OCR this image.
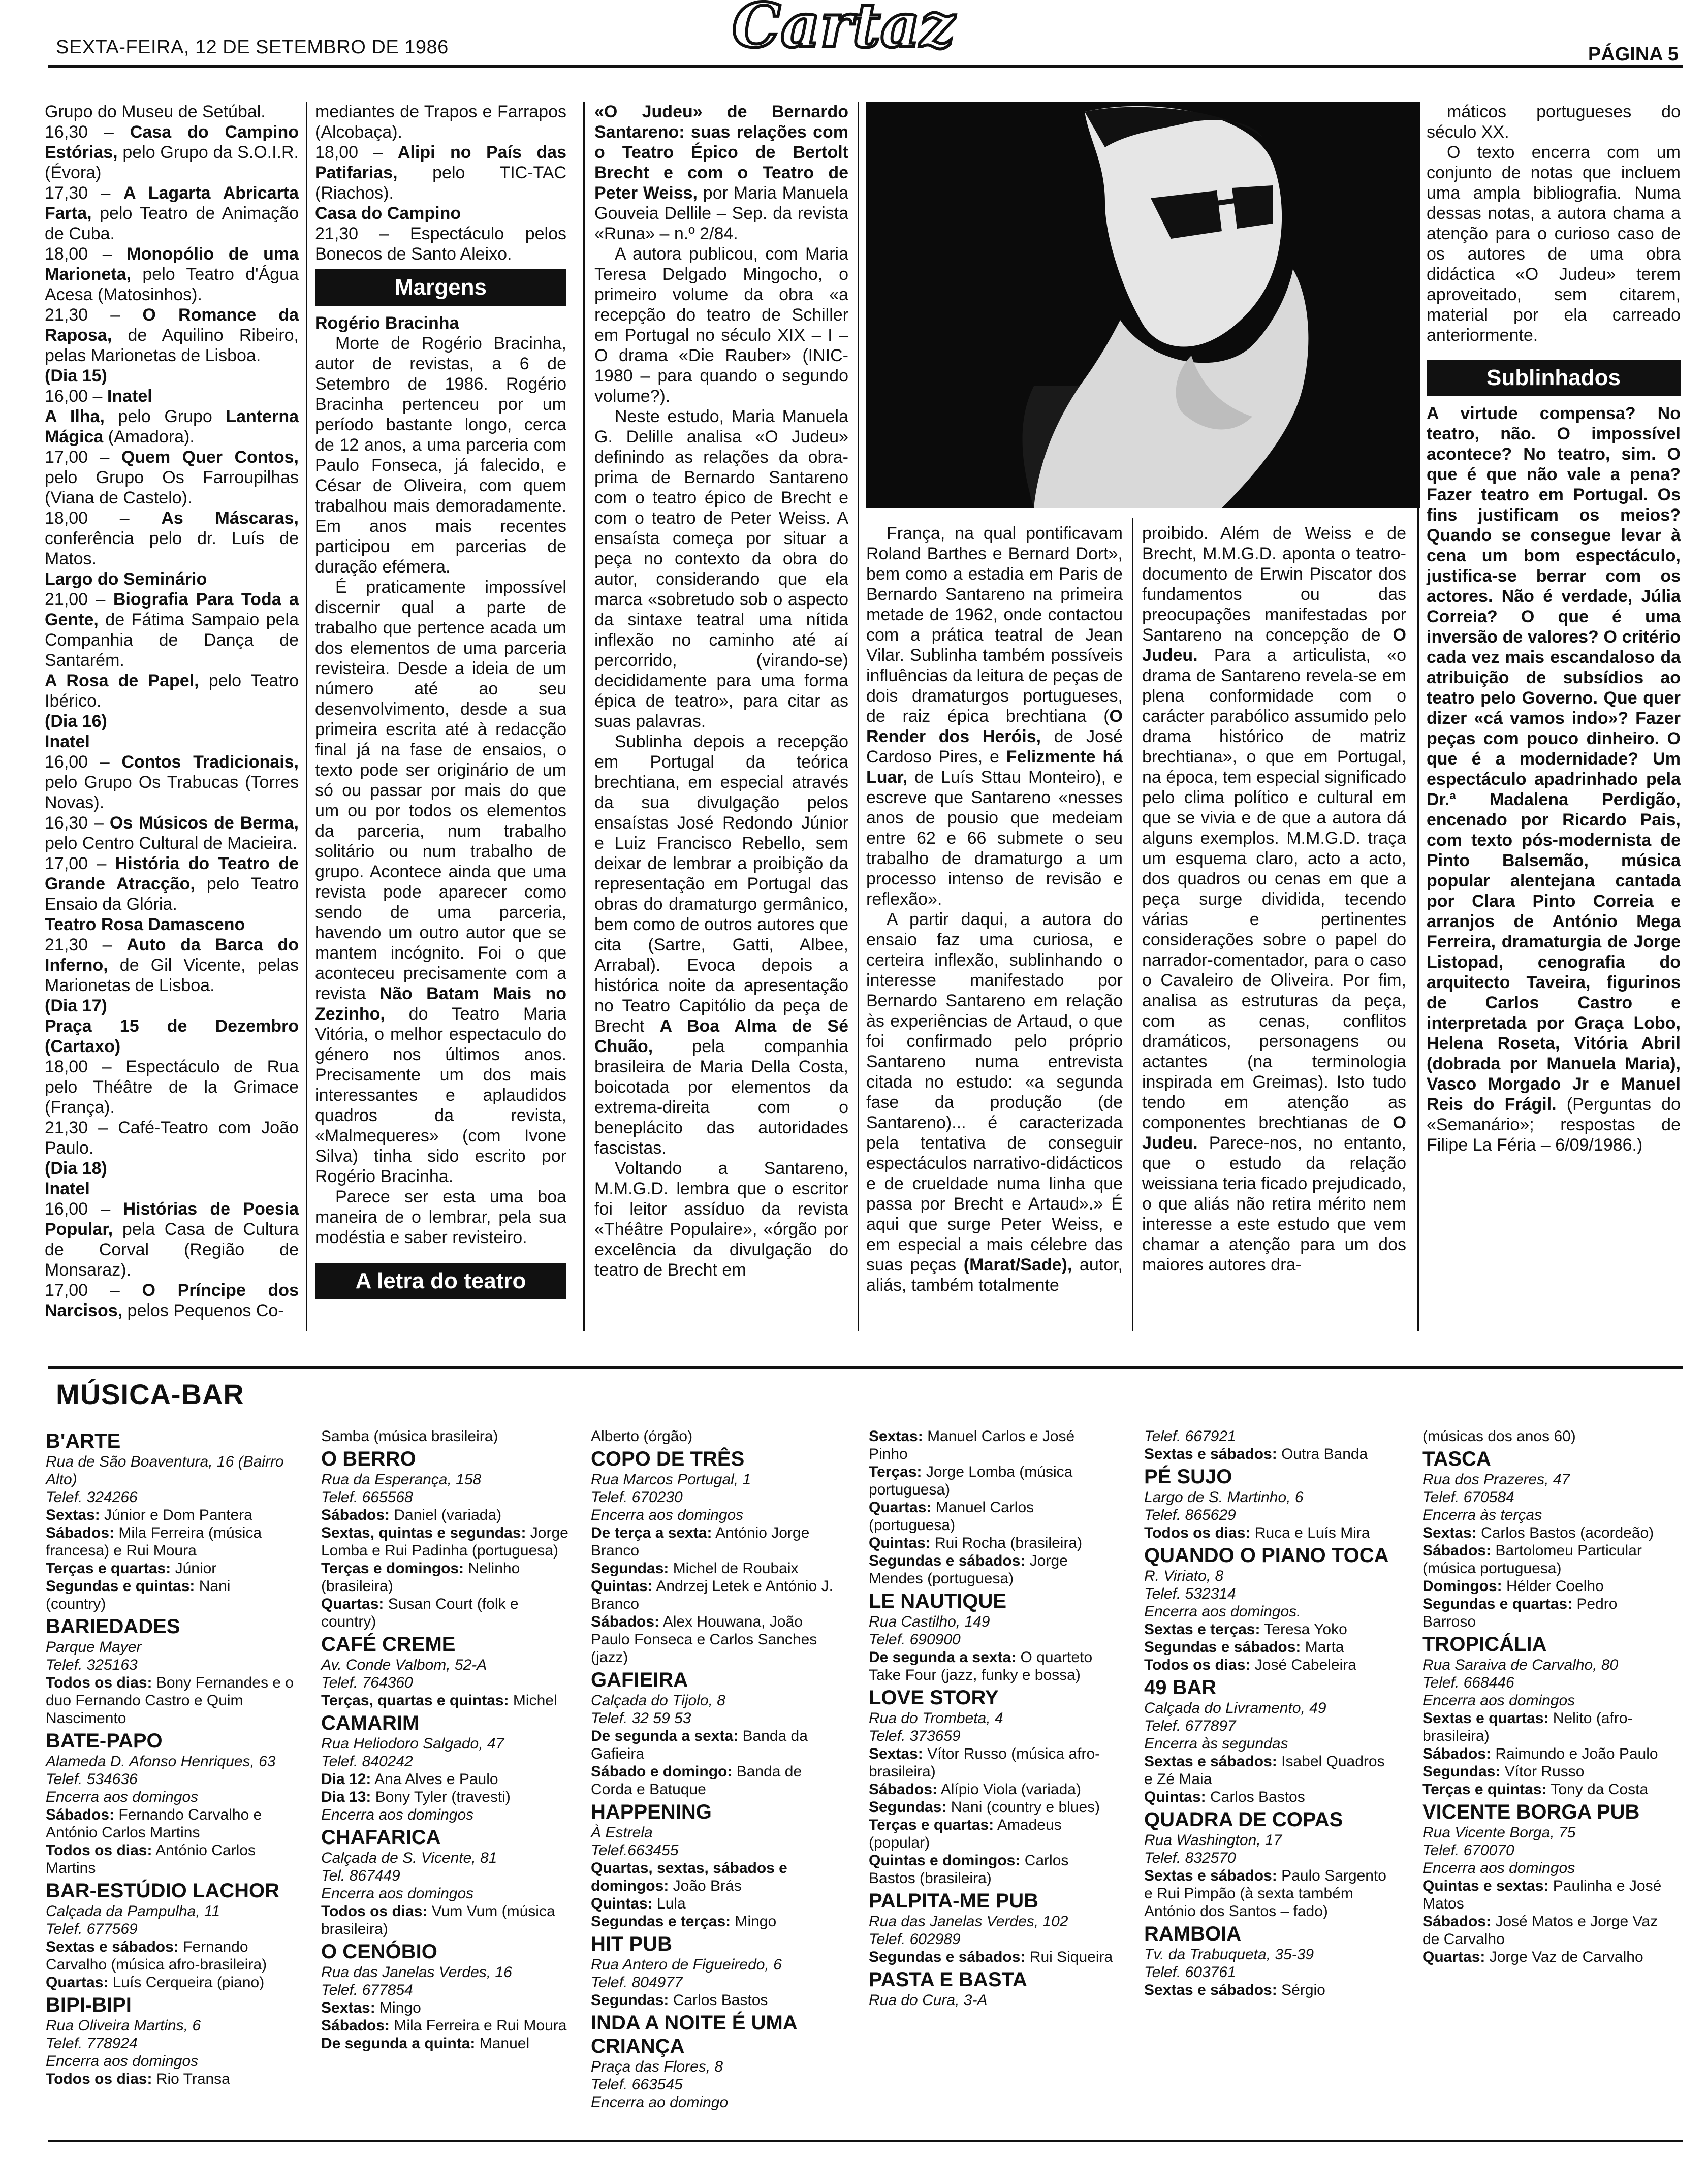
SEXTA-FEIRA, 12 DE SETEMBRO DE 1986	Cartaz	PÁGINA 5

Grupo do Museu de Setúbal.

16,30 – Casa do Campino Estórias, pelo Grupo da S.O.I.R. (Évora)

17,30 – A Lagarta Abricarta Farta, pelo Teatro de Animação de Cuba.

18,00 – Monopólio de uma Marioneta, pelo Teatro d'Água Acesa (Matosinhos).

21,30 – O Romance da Raposa, de Aquilino Ribeiro, pelas Marionetas de Lisboa.

(Dia 15)

16,00 – Inatel

A Ilha, pelo Grupo Lanterna Mágica (Amadora).

17,00 – Quem Quer Contos, pelo Grupo Os Farroupilhas (Viana de Castelo).

18,00 – As Máscaras, conferência pelo dr. Luís de Matos.

Largo do Seminário

21,00 – Biografia Para Toda a Gente, de Fátima Sampaio pela Companhia de Dança de Santarém.

A Rosa de Papel, pelo Teatro Ibérico.

(Dia 16)

Inatel

16,00 – Contos Tradicionais, pelo Grupo Os Trabucas (Torres Novas).

16,30 – Os Músicos de Berma, pelo Centro Cultural de Macieira.

17,00 – História do Teatro de Grande Atracção, pelo Teatro Ensaio da Glória.

Teatro Rosa Damasceno

21,30 – Auto da Barca do Inferno, de Gil Vicente, pelas Marionetas de Lisboa.

(Dia 17)

Praça 15 de Dezembro (Cartaxo)

18,00 – Espectáculo de Rua pelo Théâtre de la Grimace (França).

21,30 – Café-Teatro com João Paulo.

(Dia 18)

Inatel

16,00 – Histórias de Poesia Popular, pela Casa de Cultura de Corval (Região de Monsaraz).

17,00 – O Príncipe dos Narcisos, pelos Pequenos Co-

mediantes de Trapos e Farrapos (Alcobaça).

18,00 – Alipi no País das Patifarias, pelo TIC-TAC (Riachos).

Casa do Campino

21,30 – Espectáculo pelos Bonecos de Santo Aleixo.

Margens

Rogério Bracinha

Morte de Rogério Bracinha, autor de revistas, a 6 de Setembro de 1986. Rogério Bracinha pertenceu por um período bastante longo, cerca de 12 anos, a uma parceria com Paulo Fonseca, já falecido, e César de Oliveira, com quem trabalhou mais demoradamente. Em anos mais recentes participou em parcerias de duração efémera.

É praticamente impossível discernir qual a parte de trabalho que pertence acada um dos elementos de uma parceria revisteira. Desde a ideia de um número até ao seu desenvolvimento, desde a sua primeira escrita até à redacção final já na fase de ensaios, o texto pode ser originário de um só ou passar por mais do que um ou por todos os elementos da parceria, num trabalho solitário ou num trabalho de grupo. Acontece ainda que uma revista pode aparecer como sendo de uma parceria, havendo um outro autor que se mantem incógnito. Foi o que aconteceu precisamente com a revista Não Batam Mais no Zezinho, do Teatro Maria Vitória, o melhor espectaculo do género nos últimos anos. Precisamente um dos mais interessantes e aplaudidos quadros da revista, «Malmequeres» (com Ivone Silva) tinha sido escrito por Rogério Bracinha.

Parece ser esta uma boa maneira de o lembrar, pela sua modéstia e saber revisteiro.

A letra do teatro

«O Judeu» de Bernardo Santareno: suas relações com o Teatro Épico de Bertolt Brecht e com o Teatro de Peter Weiss, por Maria Manuela Gouveia Dellile – Sep. da revista «Runa» – n.º 2/84.

A autora publicou, com Maria Teresa Delgado Mingocho, o primeiro volume da obra «a recepção do teatro de Schiller em Portugal no século XIX – I – O drama «Die Rauber» (INIC-1980 – para quando o segundo volume?).

Neste estudo, Maria Manuela G. Delille analisa «O Judeu» definindo as relações da obra-prima de Bernardo Santareno com o teatro épico de Brecht e com o teatro de Peter Weiss. A ensaísta começa por situar a peça no contexto da obra do autor, considerando que ela marca «sobretudo sob o aspecto da sintaxe teatral uma nítida inflexão no caminho até aí percorrido, (virando-se) decididamente para uma forma épica de teatro», para citar as suas palavras.

Sublinha depois a recepção em Portugal da teórica brechtiana, em especial através da sua divulgação pelos ensaístas José Redondo Júnior e Luiz Francisco Rebello, sem deixar de lembrar a proibição da representação em Portugal das obras do dramaturgo germânico, bem como de outros autores que cita (Sartre, Gatti, Albee, Arrabal). Evoca depois a histórica noite da apresentação no Teatro Capitólio da peça de Brecht A Boa Alma de Sé Chuão, pela companhia brasileira de Maria Della Costa, boicotada por elementos da extrema-direita com o beneplácito das autoridades fascistas.

Voltando a Santareno, M.M.G.D. lembra que o escritor foi leitor assíduo da revista «Théâtre Populaire», «órgão por excelência da divulgação do teatro de Brecht em

França, na qual pontificavam Roland Barthes e Bernard Dort», bem como a estadia em Paris de Bernardo Santareno na primeira metade de 1962, onde contactou com a prática teatral de Jean Vilar. Sublinha também possíveis influências da leitura de peças de dois dramaturgos portugueses, de raiz épica brechtiana (O Render dos Heróis, de José Cardoso Pires, e Felizmente há Luar, de Luís Sttau Monteiro), e escreve que Santareno «nesses anos de pousio que medeiam entre 62 e 66 submete o seu trabalho de dramaturgo a um processo intenso de revisão e reflexão».

A partir daqui, a autora do ensaio faz uma curiosa, e certeira inflexão, sublinhando o interesse manifestado por Bernardo Santareno em relação às experiências de Artaud, o que foi confirmado pelo próprio Santareno numa entrevista citada no estudo: «a segunda fase da produção (de Santareno)... é caracterizada pela tentativa de conseguir espectáculos narrativo-didácticos e de crueldade numa linha que passa por Brecht e Artaud».» É aqui que surge Peter Weiss, e em especial a mais célebre das suas peças (Marat/Sade), autor, aliás, também totalmente

proibido. Além de Weiss e de Brecht, M.M.G.D. aponta o teatro-documento de Erwin Piscator dos fundamentos ou das preocupações manifestadas por Santareno na concepção de O Judeu. Para a articulista, «o drama de Santareno revela-se em plena conformidade com o carácter parabólico assumido pelo drama histórico de matriz brechtiana», o que em Portugal, na época, tem especial significado pelo clima político e cultural em que se vivia e de que a autora dá alguns exemplos. M.M.G.D. traça um esquema claro, acto a acto, dos quadros ou cenas em que a peça surge dividida, tecendo várias e pertinentes considerações sobre o papel do narrador-comentador, para o caso o Cavaleiro de Oliveira. Por fim, analisa as estruturas da peça, com as cenas, conflitos dramáticos, personagens ou actantes (na terminologia inspirada em Greimas). Isto tudo tendo em atenção as componentes brechtianas de O Judeu. Parece-nos, no entanto, que o estudo da relação weissiana teria ficado prejudicado, o que aliás não retira mérito nem interesse a este estudo que vem chamar a atenção para um dos maiores autores dra-

máticos portugueses do século XX.

O texto encerra com um conjunto de notas que incluem uma ampla bibliografia. Numa dessas notas, a autora chama a atenção para o curioso caso de os autores de uma obra didáctica «O Judeu» terem aproveitado, sem citarem, material por ela carreado anteriormente.

Sublinhados

A virtude compensa? No teatro, não. O impossível acontece? No teatro, sim. O que é que não vale a pena? Fazer teatro em Portugal. Os fins justificam os meios? Quando se consegue levar à cena um bom espectáculo, justifica-se berrar com os actores. Não é verdade, Júlia Correia? O que é uma inversão de valores? O critério cada vez mais escandaloso da atribuição de subsídios ao teatro pelo Governo. Que quer dizer «cá vamos indo»? Fazer peças com pouco dinheiro. O que é a modernidade? Um espectáculo apadrinhado pela Dr.ª Madalena Perdigão, encenado por Ricardo Pais, com texto pós-modernista de Pinto Balsemão, música popular alentejana cantada por Clara Pinto Correia e arranjos de António Mega Ferreira, dramaturgia de Jorge Listopad, cenografia do arquitecto Taveira, figurinos de Carlos Castro e interpretada por Graça Lobo, Helena Roseta, Vitória Abril (dobrada por Manuela Maria), Vasco Morgado Jr e Manuel Reis do Frágil. (Perguntas do «Semanário»; respostas de Filipe La Féria – 6/09/1986.)

MÚSICA-BAR

B'ARTE

Rua de São Boaventura, 16 (Bairro Alto)

Telef. 324266

Sextas: Júnior e Dom Pantera

Sábados: Mila Ferreira (música francesa) e Rui Moura

Terças e quartas: Júnior

Segundas e quintas: Nani (country)

BARIEDADES

Parque Mayer

Telef. 325163

Todos os dias: Bony Fernandes e o duo Fernando Castro e Quim Nascimento

BATE-PAPO

Alameda D. Afonso Henriques, 63

Telef. 534636

Encerra aos domingos

Sábados: Fernando Carvalho e António Carlos Martins

Todos os dias: António Carlos Martins

BAR-ESTÚDIO LACHOR

Calçada da Pampulha, 11

Telef. 677569

Sextas e sábados: Fernando Carvalho (música afro-brasileira)

Quartas: Luís Cerqueira (piano)

BIPI-BIPI

Rua Oliveira Martins, 6

Telef. 778924

Encerra aos domingos

Todos os dias: Rio Transa

Samba (música brasileira)

O BERRO

Rua da Esperança, 158

Telef. 665568

Sábados: Daniel (variada)

Sextas, quintas e segundas: Jorge Lomba e Rui Padinha (portuguesa)

Terças e domingos: Nelinho (brasileira)

Quartas: Susan Court (folk e country)

CAFÉ CREME

Av. Conde Valbom, 52-A

Telef. 764360

Terças, quartas e quintas: Michel

CAMARIM

Rua Heliodoro Salgado, 47

Telef. 840242

Dia 12: Ana Alves e Paulo

Dia 13: Bony Tyler (travesti)

Encerra aos domingos

CHAFARICA

Calçada de S. Vicente, 81

Tel. 867449

Encerra aos domingos

Todos os dias: Vum Vum (música brasileira)

O CENÓBIO

Rua das Janelas Verdes, 16

Telef. 677854

Sextas: Mingo

Sábados: Mila Ferreira e Rui Moura

De segunda a quinta: Manuel

Alberto (órgão)

COPO DE TRÊS

Rua Marcos Portugal, 1

Telef. 670230

Encerra aos domingos

De terça a sexta: António Jorge Branco

Segundas: Michel de Roubaix

Quintas: Andrzej Letek e António J. Branco

Sábados: Alex Houwana, João Paulo Fonseca e Carlos Sanches (jazz)

GAFIEIRA

Calçada do Tijolo, 8

Telef. 32 59 53

De segunda a sexta: Banda da Gafieira

Sábado e domingo: Banda de Corda e Batuque

HAPPENING

À Estrela

Telef.663455

Quartas, sextas, sábados e domingos: João Brás

Quintas: Lula

Segundas e terças: Mingo

HIT PUB

Rua Antero de Figueiredo, 6

Telef. 804977

Segundas: Carlos Bastos

INDA A NOITE É UMA CRIANÇA

Praça das Flores, 8

Telef. 663545

Encerra ao domingo

Sextas: Manuel Carlos e José Pinho

Terças: Jorge Lomba (música portuguesa)

Quartas: Manuel Carlos (portuguesa)

Quintas: Rui Rocha (brasileira)

Segundas e sábados: Jorge Mendes (portuguesa)

LE NAUTIQUE

Rua Castilho, 149

Telef. 690900

De segunda a sexta: O quarteto Take Four (jazz, funky e bossa)

LOVE STORY

Rua do Trombeta, 4

Telef. 373659

Sextas: Vítor Russo (música afro-brasileira)

Sábados: Alípio Viola (variada)

Segundas: Nani (country e blues)

Terças e quartas: Amadeus (popular)

Quintas e domingos: Carlos Bastos (brasileira)

PALPITA-ME PUB

Rua das Janelas Verdes, 102

Telef. 602989

Segundas e sábados: Rui Siqueira

PASTA E BASTA

Rua do Cura, 3-A

Telef. 667921

Sextas e sábados: Outra Banda

PÉ SUJO

Largo de S. Martinho, 6

Telef. 865629

Todos os dias: Ruca e Luís Mira

QUANDO O PIANO TOCA

R. Viriato, 8

Telef. 532314

Encerra aos domingos.

Sextas e terças: Teresa Yoko

Segundas e sábados: Marta

Todos os dias: José Cabeleira

49 BAR

Calçada do Livramento, 49

Telef. 677897

Encerra às segundas

Sextas e sábados: Isabel Quadros e Zé Maia

Quintas: Carlos Bastos

QUADRA DE COPAS

Rua Washington, 17

Telef. 832570

Sextas e sábados: Paulo Sargento e Rui Pimpão (à sexta também António dos Santos – fado)

RAMBOIA

Tv. da Trabuqueta, 35-39

Telef. 603761

Sextas e sábados: Sérgio

(músicas dos anos 60)

TASCA

Rua dos Prazeres, 47

Telef. 670584

Encerra às terças

Sextas: Carlos Bastos (acordeão)

Sábados: Bartolomeu Particular (música portuguesa)

Domingos: Hélder Coelho

Segundas e quartas: Pedro Barroso

TROPICÁLIA

Rua Saraiva de Carvalho, 80

Telef. 668446

Encerra aos domingos

Sextas e quartas: Nelito (afro-brasileira)

Sábados: Raimundo e João Paulo

Segundas: Vítor Russo

Terças e quintas: Tony da Costa

VICENTE BORGA PUB

Rua Vicente Borga, 75

Telef. 670070

Encerra aos domingos

Quintas e sextas: Paulinha e José Matos

Sábados: José Matos e Jorge Vaz de Carvalho

Quartas: Jorge Vaz de Carvalho
